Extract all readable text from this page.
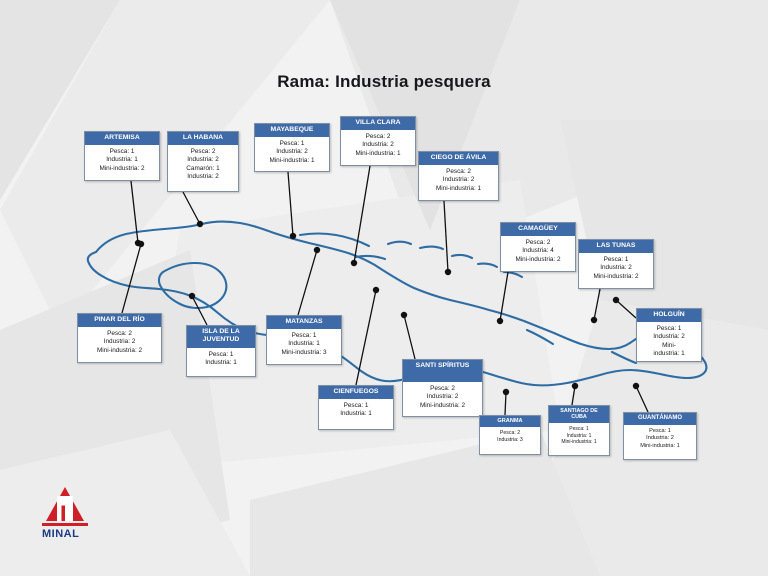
Rama: Industria pesquera
ARTEMISA
Pesca: 1
Industria: 1
Mini-industria: 2
LA HABANA
Pesca: 2
Industria: 2
Camarón: 1
Industria: 2
MAYABEQUE
Pesca: 1
Industria: 2
Mini-industria: 1
VILLA CLARA
Pesca: 2
Industria: 2
Mini-industria: 1
CIEGO DE ÁVILA
Pesca: 2
Industria: 2
Mini-industria: 1
CAMAGÜEY
Pesca: 2
Industria: 4
Mini-industria: 2
LAS TUNAS
Pesca: 1
Industria: 2
Mini-industria: 2
HOLGUÍN
Pesca: 1
Industria: 2
Mini-
industria: 1
PINAR DEL RÍO
Pesca: 2
Industria: 2
Mini-industria: 2
ISLA DE LA
JUVENTUD
Pesca: 1
Industria: 1
MATANZAS
Pesca: 1
Industria: 1
Mini-industria: 3
CIENFUEGOS
Pesca: 1
Industria: 1
SANTI SPÍRITUS
Pesca: 2
Industria: 2
Mini-industria: 2
GRANMA
Pesca: 2
Industria: 3
SANTIAGO DE
CUBA
Pesca: 1
Industria: 1
Mini-industria: 1
GUANTÁNAMO
Pesca: 1
Industria: 2
Mini-industria: 1
MINAL
